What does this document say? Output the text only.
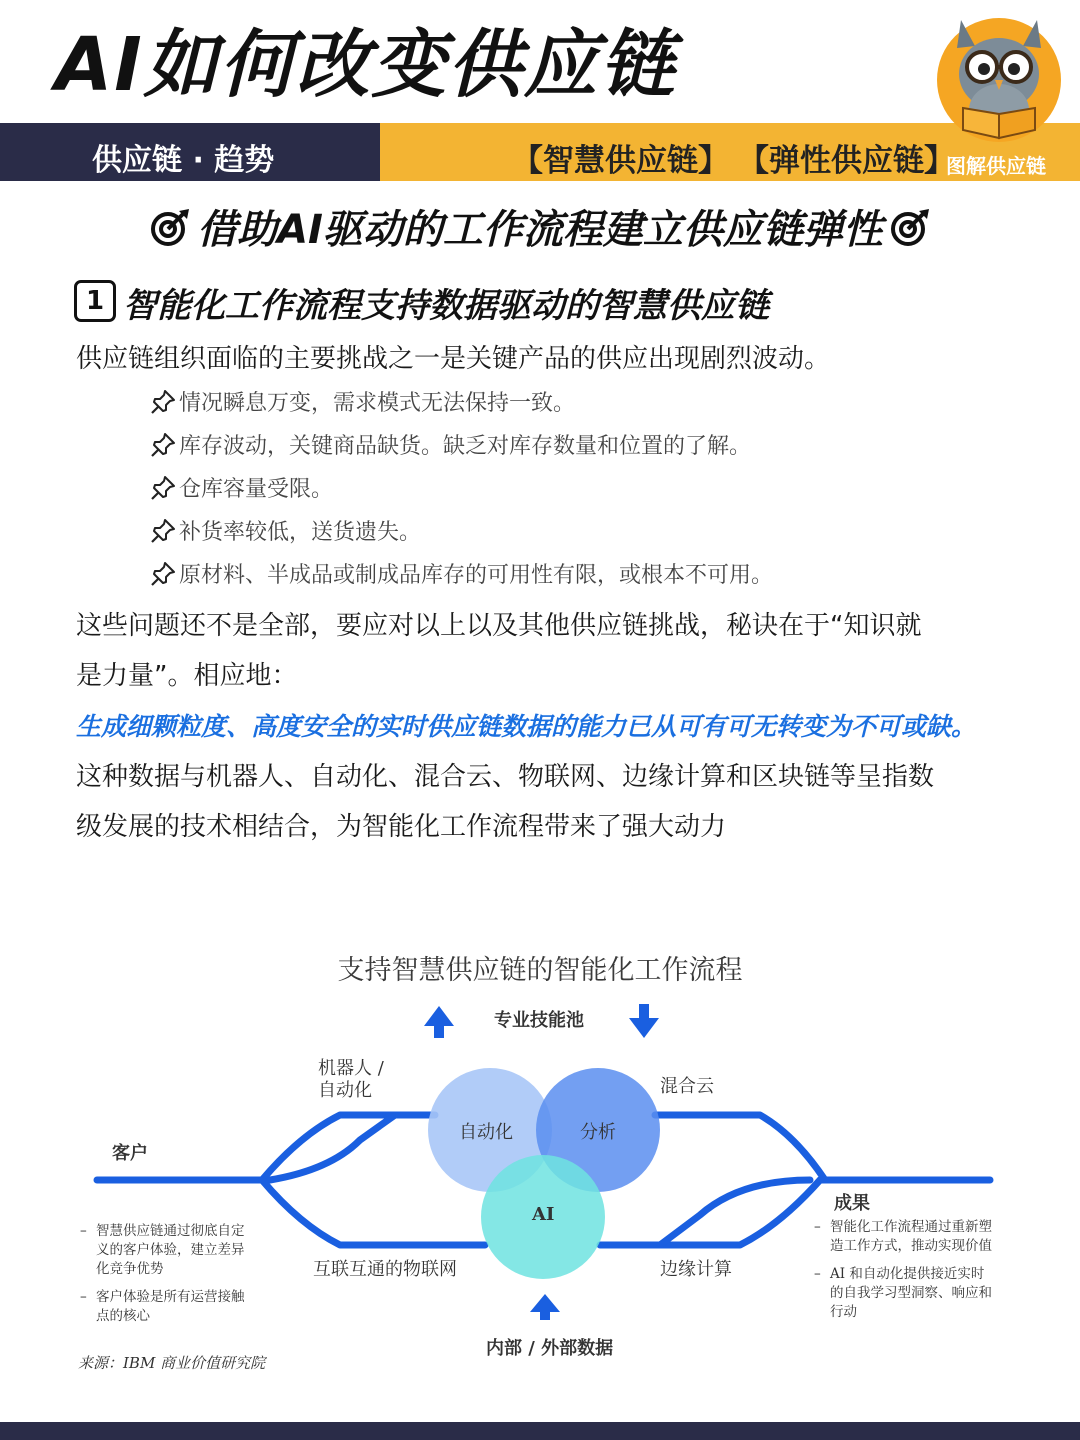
AI如何改变供应链
供应链 · 趋势	【智慧供应链】 【弹性供应链】
图解供应链
借助AI驱动的工作流程建立供应链弹性
1 智能化工作流程支持数据驱动的智慧供应链
供应链组织面临的主要挑战之一是关键产品的供应出现剧烈波动。
情况瞬息万变，需求模式无法保持一致。
库存波动，关键商品缺货。缺乏对库存数量和位置的了解。
仓库容量受限。
补货率较低，送货遗失。
原材料、半成品或制成品库存的可用性有限，或根本不可用。
这些问题还不是全部，要应对以上以及其他供应链挑战，秘诀在于“知识就
是力量”。相应地：
生成细颗粒度、高度安全的实时供应链数据的能力已从可有可无转变为不可或缺。
这种数据与机器人、自动化、混合云、物联网、边缘计算和区块链等呈指数
级发展的技术相结合，为智能化工作流程带来了强大动力
支持智慧供应链的智能化工作流程
专业技能池
机器人 /
自动化	混合云
客户
成果
互联互通的物联网	边缘计算
内部 / 外部数据
自动化	分析
AI
– 智慧供应链通过彻底自定
义的客户体验，建立差异
化竞争优势
– 客户体验是所有运营接触
点的核心
– 智能化工作流程通过重新塑
造工作方式，推动实现价值
– AI 和自动化提供接近实时
的自我学习型洞察、响应和
行动
来源：IBM 商业价值研究院
